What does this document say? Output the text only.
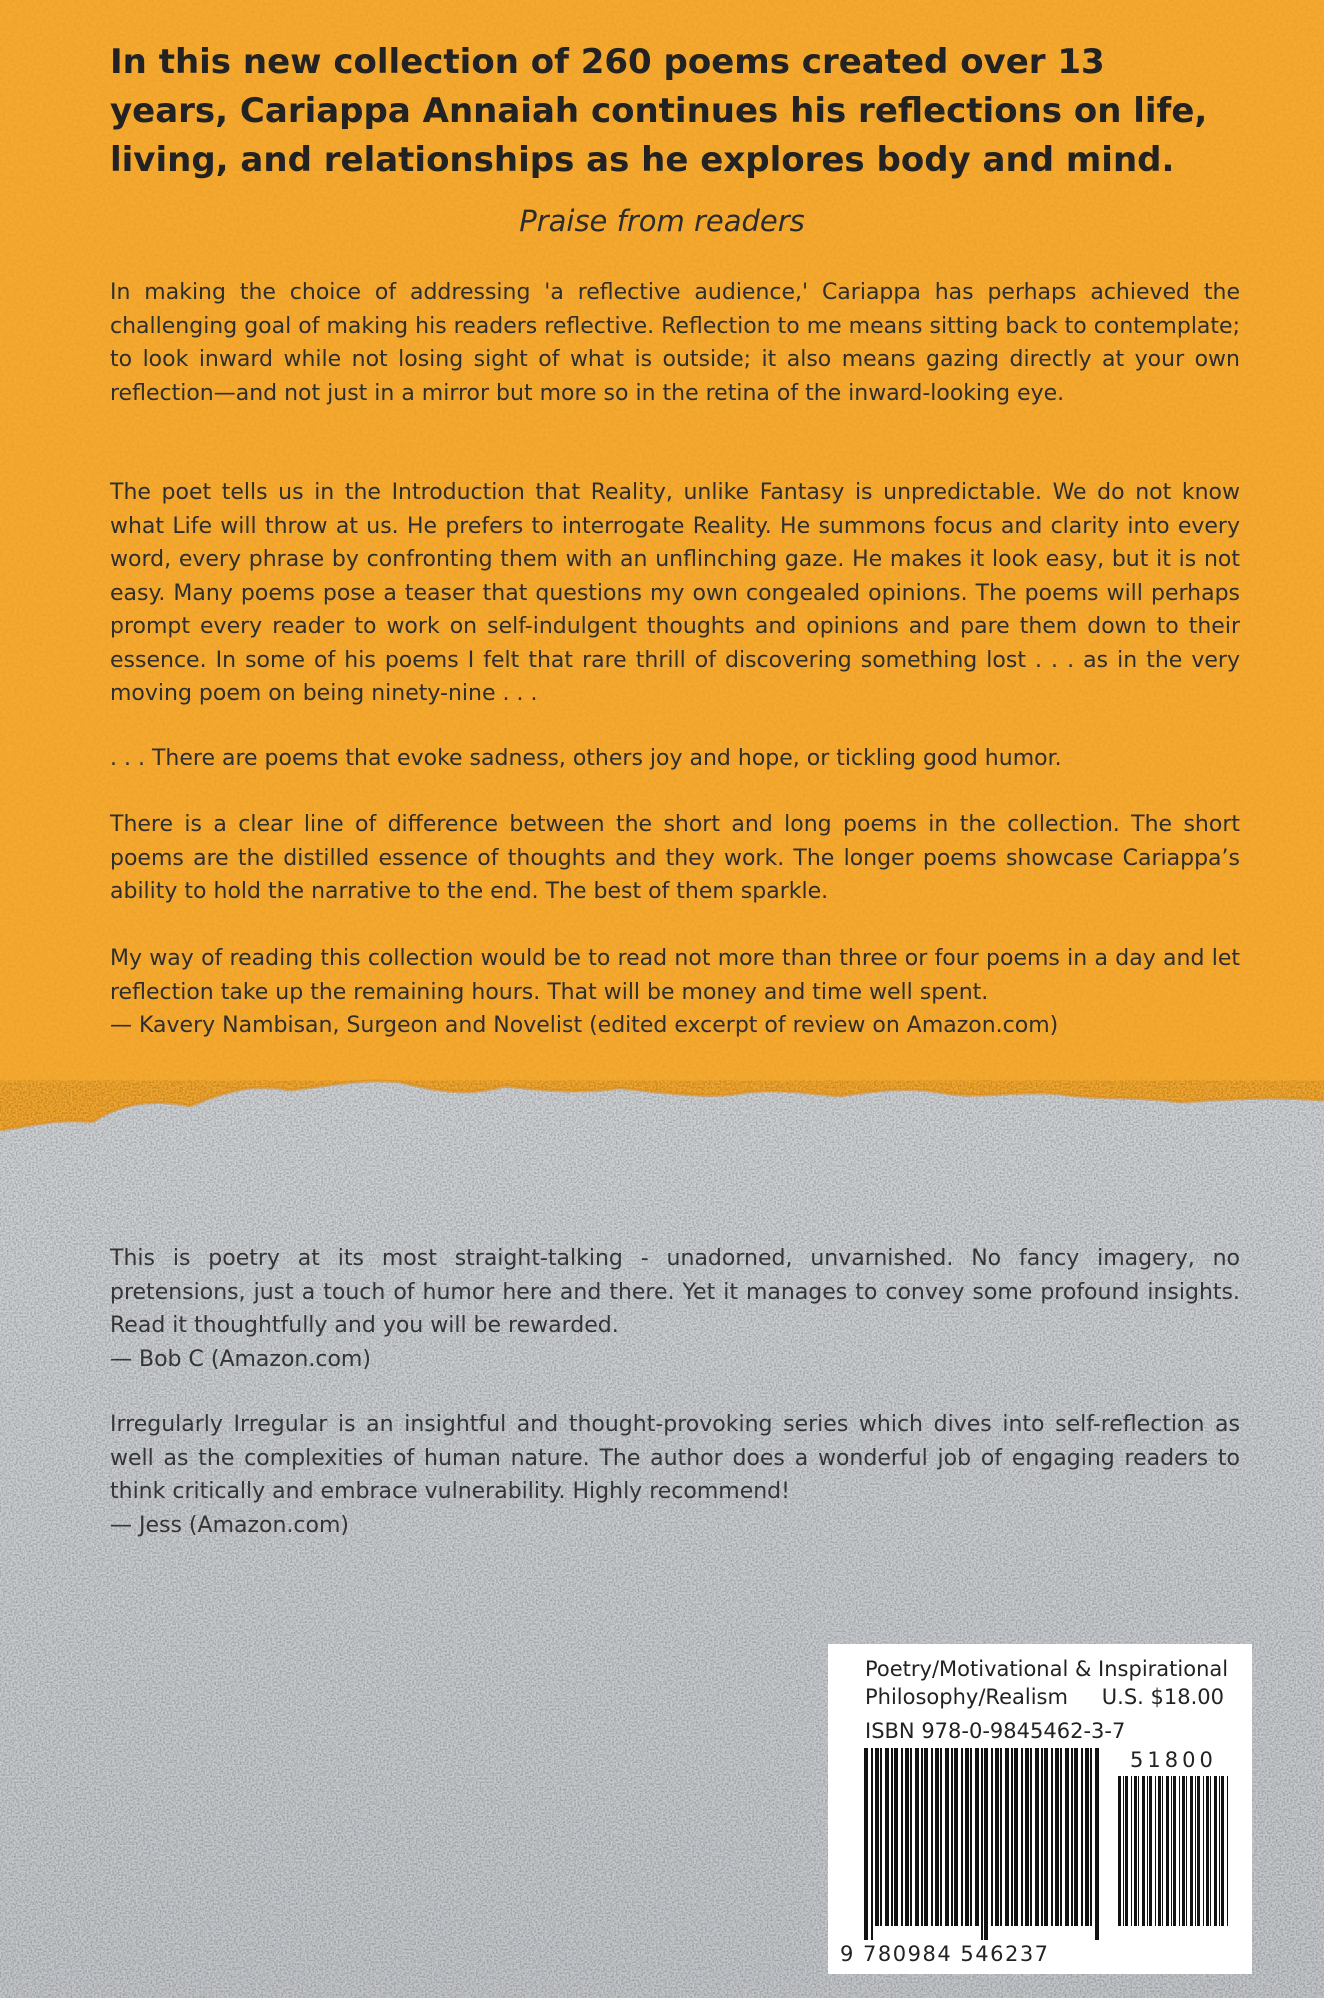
In this new collection of 260 poems created over 13 years, Cariappa Annaiah continues his reflections on life, living, and relationships as he explores body and mind.

Praise from readers

In making the choice of addressing 'a reflective audience,' Cariappa has perhaps achieved the challenging goal of making his readers reflective. Reflection to me means sitting back to contemplate; to look inward while not losing sight of what is outside; it also means gazing directly at your own reflection—and not just in a mirror but more so in the retina of the inward-looking eye.

The poet tells us in the Introduction that Reality, unlike Fantasy is unpredictable. We do not know what Life will throw at us. He prefers to interrogate Reality. He summons focus and clarity into every word, every phrase by confronting them with an unflinching gaze. He makes it look easy, but it is not easy. Many poems pose a teaser that questions my own congealed opinions. The poems will perhaps prompt every reader to work on self-indulgent thoughts and opinions and pare them down to their essence. In some of his poems I felt that rare thrill of discovering something lost . . . as in the very moving poem on being ninety-nine . . .

. . . There are poems that evoke sadness, others joy and hope, or tickling good humor.

There is a clear line of difference between the short and long poems in the collection. The short poems are the distilled essence of thoughts and they work. The longer poems showcase Cariappa’s ability to hold the narrative to the end. The best of them sparkle.

My way of reading this collection would be to read not more than three or four poems in a day and let reflection take up the remaining hours. That will be money and time well spent.
— Kavery Nambisan, Surgeon and Novelist (edited excerpt of review on Amazon.com)
This is poetry at its most straight-talking - unadorned, unvarnished. No fancy imagery, no pretensions, just a touch of humor here and there. Yet it manages to convey some profound insights. Read it thoughtfully and you will be rewarded.
— Bob C (Amazon.com)
Irregularly Irregular is an insightful and thought-provoking series which dives into self-reflection as well as the complexities of human nature. The author does a wonderful job of engaging readers to think critically and embrace vulnerability. Highly recommend!
— Jess (Amazon.com)
Poetry/Motivational & Inspirational
Philosophy/Realism U.S. $18.00
ISBN 978-0-9845462-3-7
51800
9 780984 546237
